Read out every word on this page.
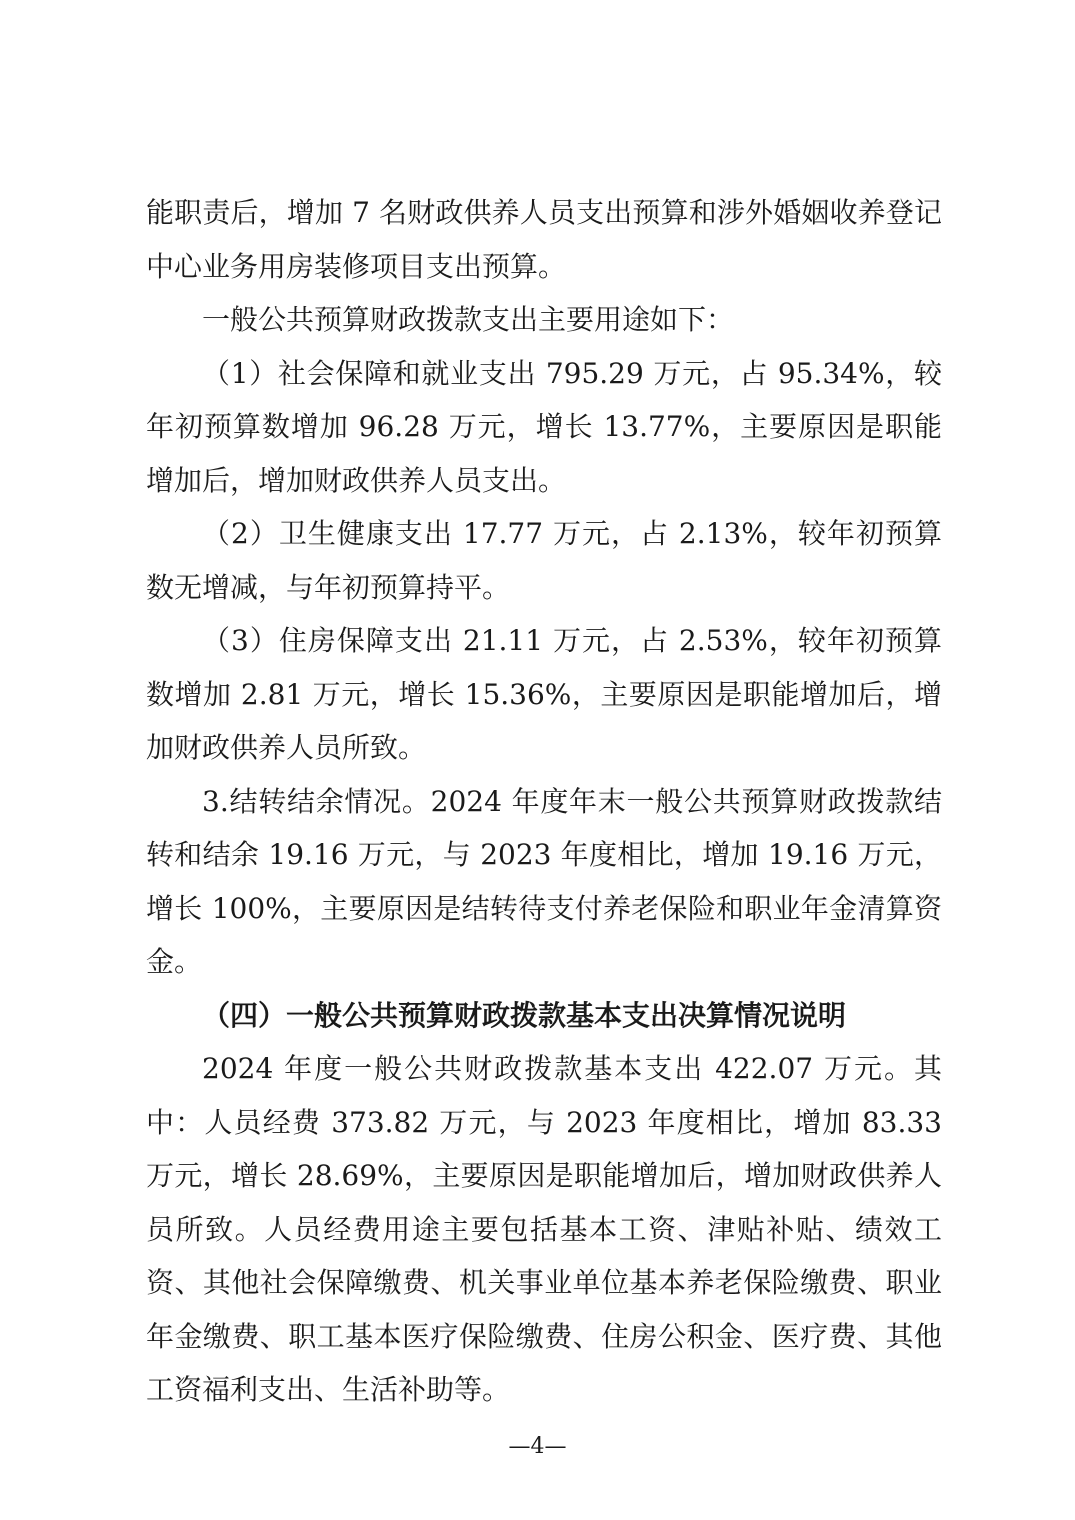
能职责后，增加 7 名财政供养人员支出预算和涉外婚姻收养登记中心业务用房装修项目支出预算。

一般公共预算财政拨款支出主要用途如下：

（1）社会保障和就业支出 795.29 万元，占 95.34%，较年初预算数增加 96.28 万元，增长 13.77%，主要原因是职能增加后，增加财政供养人员支出。

（2）卫生健康支出 17.77 万元，占 2.13%，较年初预算数无增减，与年初预算持平。

（3）住房保障支出 21.11 万元，占 2.53%，较年初预算数增加 2.81 万元，增长 15.36%，主要原因是职能增加后，增加财政供养人员所致。

3.结转结余情况。2024 年度年末一般公共预算财政拨款结转和结余 19.16 万元，与 2023 年度相比，增加 19.16 万元，增长 100%，主要原因是结转待支付养老保险和职业年金清算资金。

（四）一般公共预算财政拨款基本支出决算情况说明

2024 年度一般公共财政拨款基本支出 422.07 万元。其中：人员经费 373.82 万元，与 2023 年度相比，增加 83.33 万元，增长 28.69%，主要原因是职能增加后，增加财政供养人员所致。人员经费用途主要包括基本工资、津贴补贴、绩效工资、其他社会保障缴费、机关事业单位基本养老保险缴费、职业年金缴费、职工基本医疗保险缴费、住房公积金、医疗费、其他工资福利支出、生活补助等。

—4—
